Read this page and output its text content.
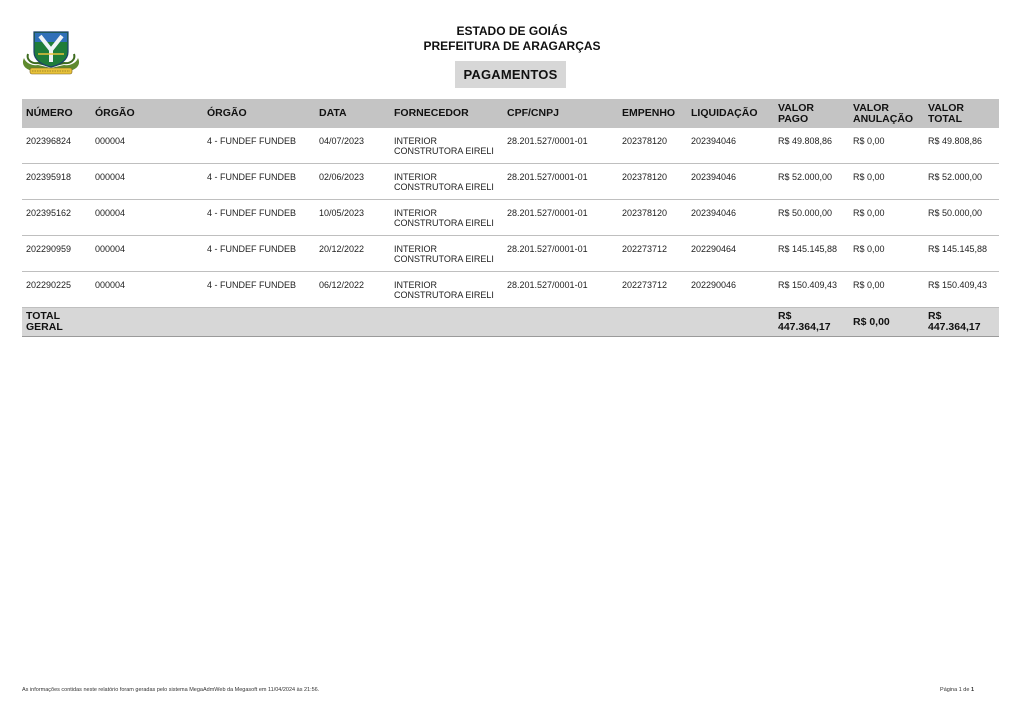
ESTADO DE GOIÁS
PREFEITURA DE ARAGARÇAS
PAGAMENTOS
NÚMERO	ÓRGÃO	ÓRGÃO	DATA	FORNECEDOR	CPF/CNPJ	EMPENHO	LIQUIDAÇÃO	VALOR PAGO	VALOR ANULAÇÃO	VALOR TOTAL
202396824	000004	4 - FUNDEF FUNDEB	04/07/2023	INTERIOR CONSTRUTORA EIRELI	28.201.527/0001-01	202378120	202394046	R$ 49.808,86	R$ 0,00	R$ 49.808,86
202395918	000004	4 - FUNDEF FUNDEB	02/06/2023	INTERIOR CONSTRUTORA EIRELI	28.201.527/0001-01	202378120	202394046	R$ 52.000,00	R$ 0,00	R$ 52.000,00
202395162	000004	4 - FUNDEF FUNDEB	10/05/2023	INTERIOR CONSTRUTORA EIRELI	28.201.527/0001-01	202378120	202394046	R$ 50.000,00	R$ 0,00	R$ 50.000,00
202290959	000004	4 - FUNDEF FUNDEB	20/12/2022	INTERIOR CONSTRUTORA EIRELI	28.201.527/0001-01	202273712	202290464	R$ 145.145,88	R$ 0,00	R$ 145.145,88
202290225	000004	4 - FUNDEF FUNDEB	06/12/2022	INTERIOR CONSTRUTORA EIRELI	28.201.527/0001-01	202273712	202290046	R$ 150.409,43	R$ 0,00	R$ 150.409,43
TOTAL GERAL								R$ 447.364,17	R$ 0,00	R$ 447.364,17
As informações contidas neste relatório foram geradas pelo sistema MegaAdmWeb da Megasoft em 11/04/2024 às 21:56.	Página 1 de 1
